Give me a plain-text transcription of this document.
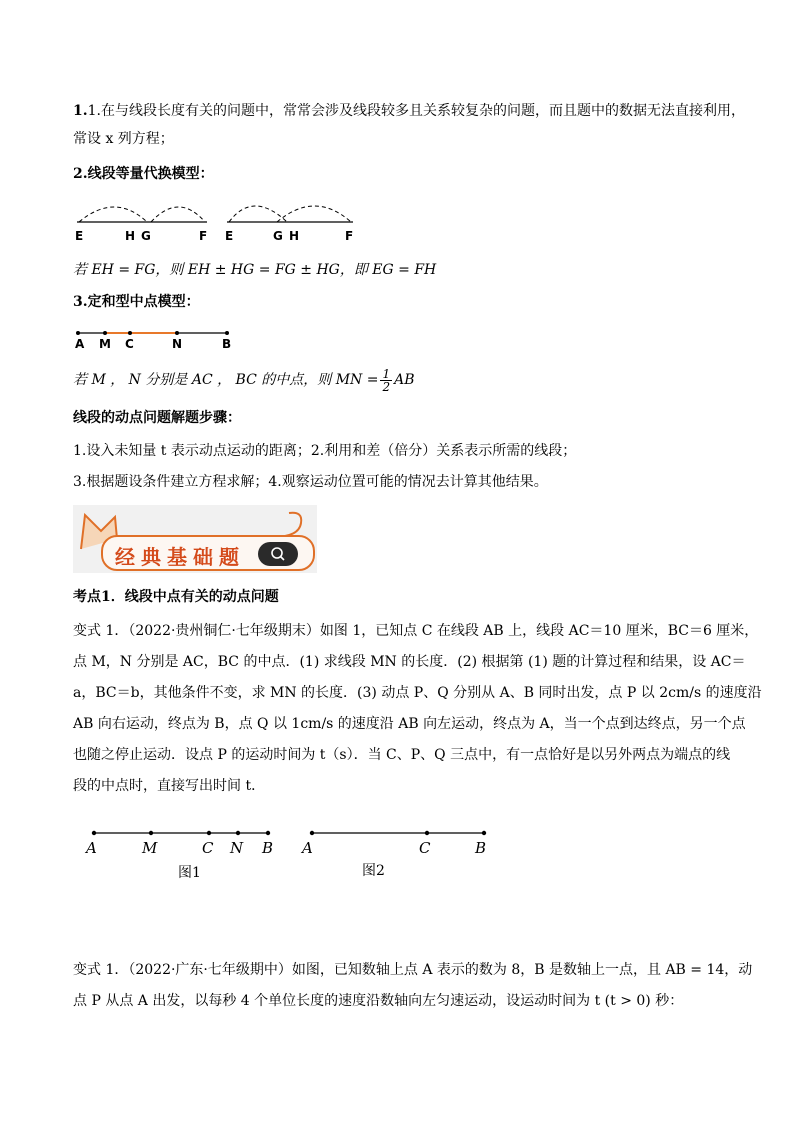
1.1.在与线段长度有关的问题中，常常会涉及线段较多且关系较复杂的问题，而且题中的数据无法直接利用，
常设 x 列方程；
2.线段等量代换模型：
E	H G	F E	G H	F
若 EH = FG，则 EH ± HG = FG ± HG，即 EG = FH
3.定和型中点模型：
A M C	N	B
若 M ， N 分别是 AC ， BC 的中点，则 MN = $\frac{1}{2}$ AB
线段的动点问题解题步骤：
1.设入未知量 t 表示动点运动的距离；2.利用和差（倍分）关系表示所需的线段；
3.根据题设条件建立方程求解；4.观察运动位置可能的情况去计算其他结果。
经典基础题
考点1．线段中点有关的动点问题
变式 1．（2022·贵州铜仁·七年级期末）如图 1，已知点 C 在线段 AB 上，线段 AC＝10 厘米，BC＝6 厘米，
点 M，N 分别是 AC，BC 的中点．(1) 求线段 MN 的长度．(2) 根据第 (1) 题的计算过程和结果，设 AC＝
a，BC＝b，其他条件不变，求 MN 的长度．(3) 动点 P、Q 分别从 A、B 同时出发，点 P 以 2cm/s 的速度沿
AB 向右运动，终点为 B，点 Q 以 1cm/s 的速度沿 AB 向左运动，终点为 A，当一个点到达终点，另一个点
也随之停止运动．设点 P 的运动时间为 t（s）．当 C、P、Q 三点中，有一点恰好是以另外两点为端点的线
段的中点时，直接写出时间 t．
A	M	C N B
图1
A	C	B
图2
变式 1．（2022·广东·七年级期中）如图，已知数轴上点 A 表示的数为 8，B 是数轴上一点，且 AB = 14，动
点 P 从点 A 出发，以每秒 4 个单位长度的速度沿数轴向左匀速运动，设运动时间为 t (t > 0) 秒：
